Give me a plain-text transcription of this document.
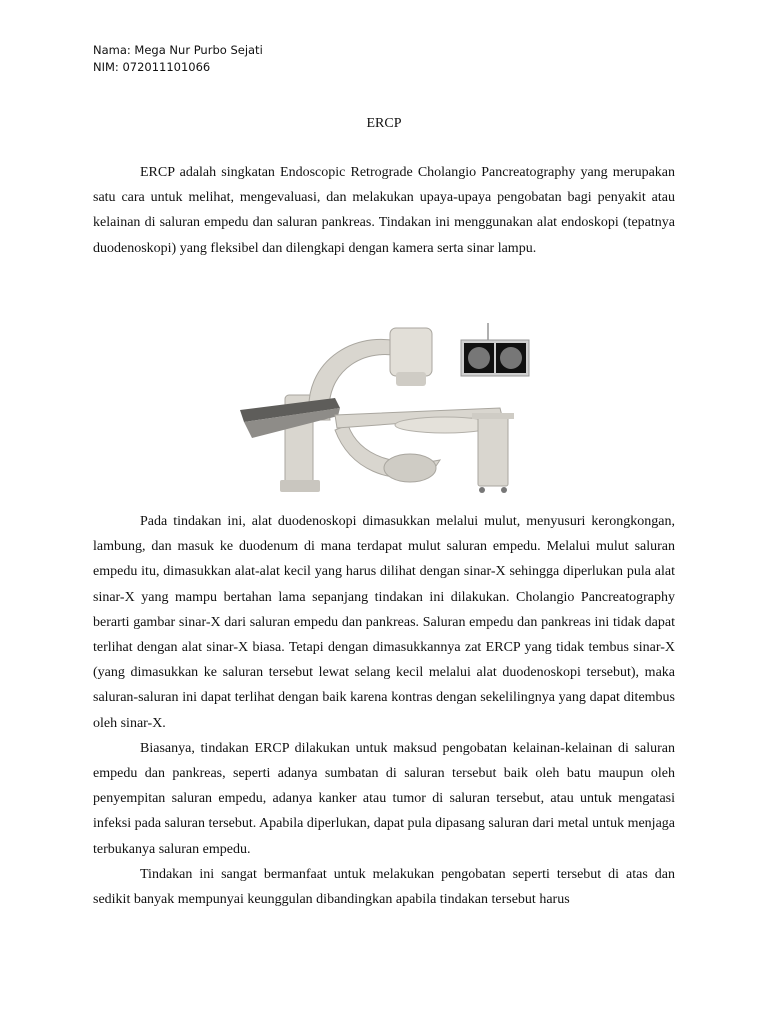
Nama: Mega Nur Purbo Sejati
NIM: 072011101066
ERCP

ERCP adalah singkatan Endoscopic Retrograde Cholangio Pancreatography yang merupakan satu cara untuk melihat, mengevaluasi, dan melakukan upaya-upaya pengobatan bagi penyakit atau kelainan di saluran empedu dan saluran pankreas. Tindakan ini menggunakan alat endoskopi (tepatnya duodenoskopi) yang fleksibel dan dilengkapi dengan kamera serta sinar lampu.

Pada tindakan ini, alat duodenoskopi dimasukkan melalui mulut, menyusuri kerongkongan, lambung, dan masuk ke duodenum di mana terdapat mulut saluran empedu. Melalui mulut saluran empedu itu, dimasukkan alat-alat kecil yang harus dilihat dengan sinar-X sehingga diperlukan pula alat sinar-X yang mampu bertahan lama sepanjang tindakan ini dilakukan. Cholangio Pancreatography berarti gambar sinar-X dari saluran empedu dan pankreas. Saluran empedu dan pankreas ini tidak dapat terlihat dengan alat sinar-X biasa. Tetapi dengan dimasukkannya zat ERCP yang tidak tembus sinar-X (yang dimasukkan ke saluran tersebut lewat selang kecil melalui alat duodenoskopi tersebut), maka saluran-saluran ini dapat terlihat dengan baik karena kontras dengan sekelilingnya yang dapat ditembus oleh sinar-X.

Biasanya, tindakan ERCP dilakukan untuk maksud pengobatan kelainan-kelainan di saluran empedu dan pankreas, seperti adanya sumbatan di saluran tersebut baik oleh batu maupun oleh penyempitan saluran empedu, adanya kanker atau tumor di saluran tersebut, atau untuk mengatasi infeksi pada saluran tersebut. Apabila diperlukan, dapat pula dipasang saluran dari metal untuk menjaga terbukanya saluran empedu.

Tindakan ini sangat bermanfaat untuk melakukan pengobatan seperti tersebut di atas dan sedikit banyak mempunyai keunggulan dibandingkan apabila tindakan tersebut harus
